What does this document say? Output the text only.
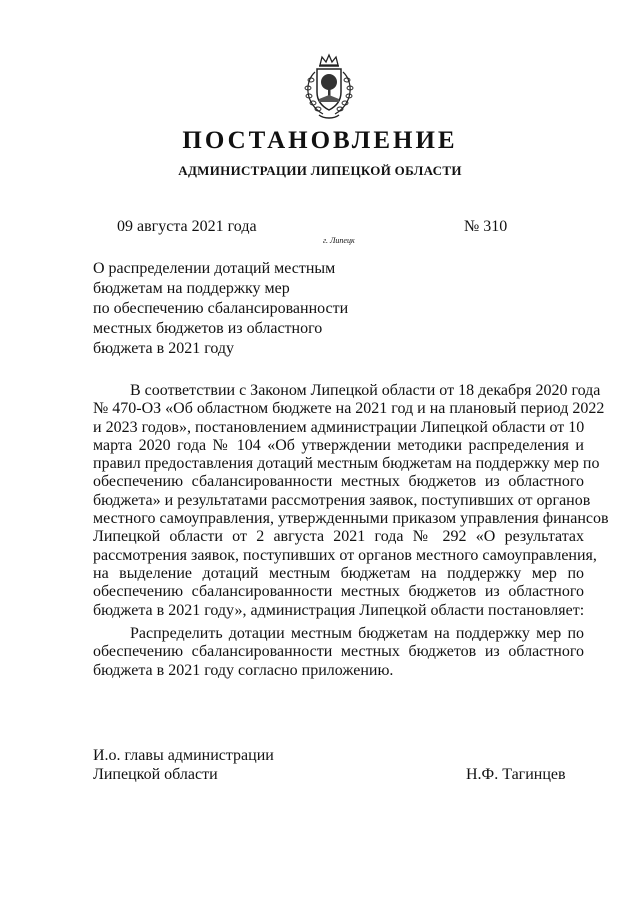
ПОСТАНОВЛЕНИЕ
АДМИНИСТРАЦИИ ЛИПЕЦКОЙ ОБЛАСТИ
09 августа 2021 года
г. Липецк
№ 310
О распределении дотаций местным
бюджетам на поддержку мер
по обеспечению сбалансированности
местных бюджетов из областного
бюджета в 2021 году
В соответствии с Законом Липецкой области от 18 декабря 2020 года
№ 470-ОЗ «Об областном бюджете на 2021 год и на плановый период 2022
и 2023 годов», постановлением администрации Липецкой области от 10
марта 2020 года № 104 «Об утверждении методики распределения и
правил предоставления дотаций местным бюджетам на поддержку мер по
обеспечению сбалансированности местных бюджетов из областного
бюджета» и результатами рассмотрения заявок, поступивших от органов
местного самоуправления, утвержденными приказом управления финансов
Липецкой области от 2 августа 2021 года № 292 «О результатах
рассмотрения заявок, поступивших от органов местного самоуправления,
на выделение дотаций местным бюджетам на поддержку мер по
обеспечению сбалансированности местных бюджетов из областного
бюджета в 2021 году», администрация Липецкой области постановляет:
Распределить дотации местным бюджетам на поддержку мер по
обеспечению сбалансированности местных бюджетов из областного
бюджета в 2021 году согласно приложению.
И.о. главы администрации
Липецкой области	Н.Ф. Тагинцев
